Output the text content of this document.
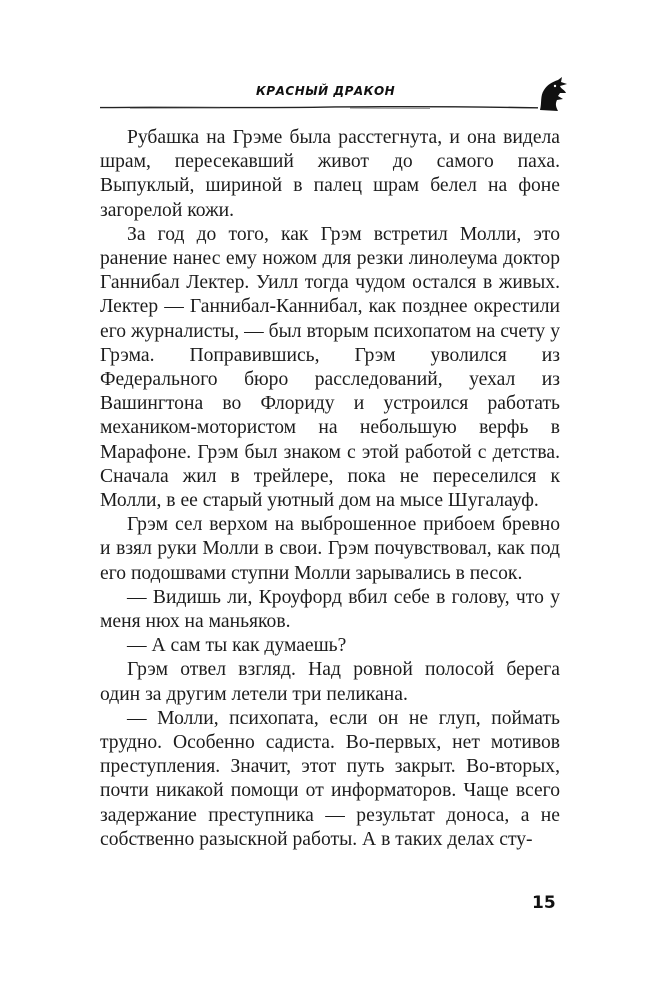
КРАСНЫЙ ДРАКОН

Рубашка на Грэме была расстегнута, и она видела шрам, пересекавший живот до самого паха. Выпуклый, шириной в палец шрам белел на фоне загорелой кожи.

За год до того, как Грэм встретил Молли, это ранение нанес ему ножом для резки линолеума доктор Ганнибал Лектер. Уилл тогда чудом остался в живых. Лектер — Ганнибал-Каннибал, как позднее окрестили его журналисты, — был вторым психопатом на счету у Грэма. Поправившись, Грэм уволился из Федерального бюро расследований, уехал из Вашингтона во Флориду и устроился работать механиком-мотористом на небольшую верфь в Марафоне. Грэм был знаком с этой работой с детства. Сначала жил в трейлере, пока не переселился к Молли, в ее старый уютный дом на мысе Шугалауф.

Грэм сел верхом на выброшенное прибоем бревно и взял руки Молли в свои. Грэм почувствовал, как под его подошвами ступни Молли зарывались в песок.

— Видишь ли, Кроуфорд вбил себе в голову, что у меня нюх на маньяков.

— А сам ты как думаешь?

Грэм отвел взгляд. Над ровной полосой берега один за другим летели три пеликана.

— Молли, психопата, если он не глуп, поймать трудно. Особенно садиста. Во-первых, нет мотивов преступления. Значит, этот путь закрыт. Во-вторых, почти никакой помощи от информаторов. Чаще всего задержание преступника — результат доноса, а не собственно разыскной работы. А в таких делах сту-

15
